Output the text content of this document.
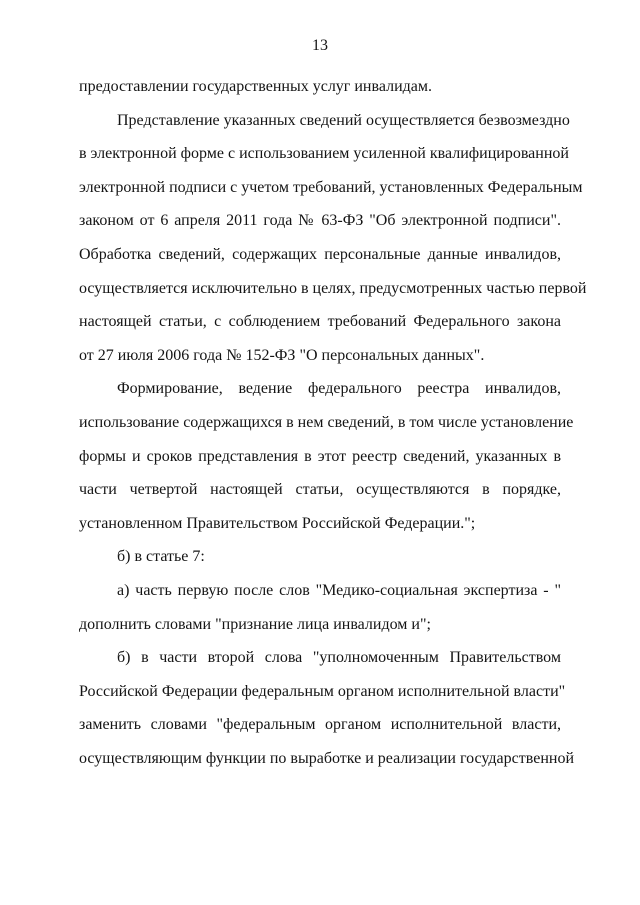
13
предоставлении государственных услуг инвалидам.
Представление указанных сведений осуществляется безвозмездно
в электронной форме с использованием усиленной квалифицированной
электронной подписи с учетом требований, установленных Федеральным
законом от 6 апреля 2011 года № 63-ФЗ "Об электронной подписи".
Обработка сведений, содержащих персональные данные инвалидов,
осуществляется исключительно в целях, предусмотренных частью первой
настоящей статьи, с соблюдением требований Федерального закона
от 27 июля 2006 года № 152-ФЗ "О персональных данных".
Формирование, ведение федерального реестра инвалидов,
использование содержащихся в нем сведений, в том числе установление
формы и сроков представления в этот реестр сведений, указанных в
части четвертой настоящей статьи, осуществляются в порядке,
установленном Правительством Российской Федерации.";
б) в статье 7:
а) часть первую после слов "Медико-социальная экспертиза - "
дополнить словами "признание лица инвалидом и";
б) в части второй слова "уполномоченным Правительством
Российской Федерации федеральным органом исполнительной власти"
заменить словами "федеральным органом исполнительной власти,
осуществляющим функции по выработке и реализации государственной
